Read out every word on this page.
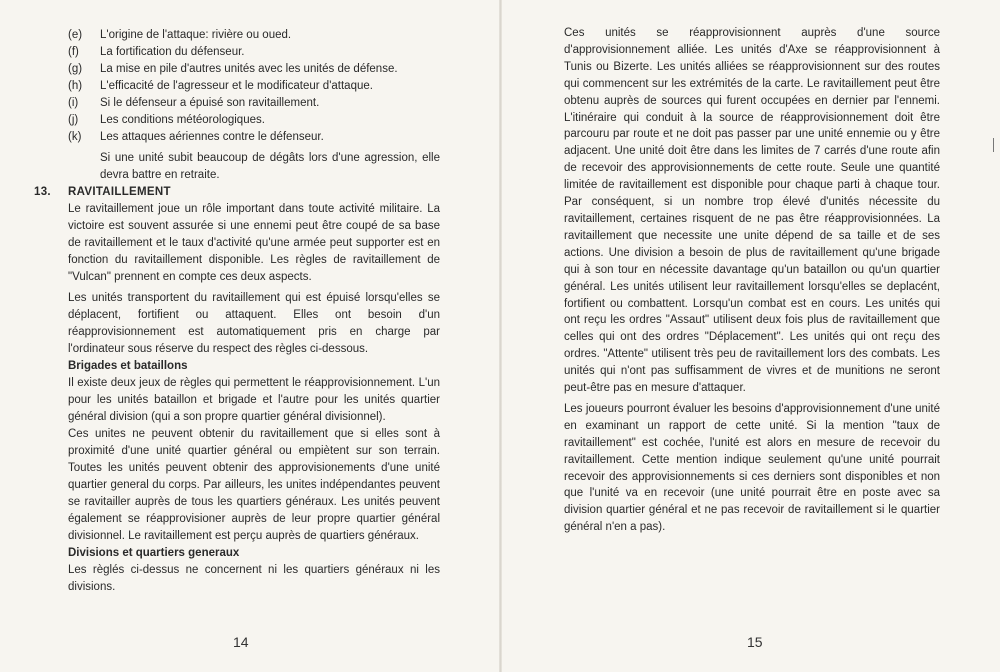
(e)	L'origine de l'attaque: rivière ou oued.
(f)	La fortification du défenseur.
(g)	La mise en pile d'autres unités avec les unités de défense.
(h)	L'efficacité de l'agresseur et le modificateur d'attaque.
(i)	Si le défenseur a épuisé son ravitaillement.
(j)	Les conditions météorologiques.
(k)	Les attaques aériennes contre le défenseur.

Si une unité subit beaucoup de dégâts lors d'une agression, elle devra battre en retraite.

13.	RAVITAILLEMENT

Le ravitaillement joue un rôle important dans toute activité militaire. La victoire est souvent assurée si une ennemi peut être coupé de sa base de ravitaillement et le taux d'activité qu'une armée peut supporter est en fonction du ravitaillement disponible. Les règles de ravitaillement de "Vulcan" prennent en compte ces deux aspects.

Les unités transportent du ravitaillement qui est épuisé lorsqu'elles se déplacent, fortifient ou attaquent. Elles ont besoin d'un réapprovisionnement est automatiquement pris en charge par l'ordinateur sous réserve du respect des règles ci-dessous.

Brigades et bataillons

Il existe deux jeux de règles qui permettent le réapprovisionnement. L'un pour les unités bataillon et brigade et l'autre pour les unités quartier général division (qui a son propre quartier général divisionnel).

Ces unites ne peuvent obtenir du ravitaillement que si elles sont à proximité d'une unité quartier général ou empiètent sur son terrain. Toutes les unités peuvent obtenir des approvisionements d'une unité quartier general du corps. Par ailleurs, les unites indépendantes peuvent se ravitailler auprès de tous les quartiers généraux. Les unités peuvent également se réapprovisioner auprès de leur propre quartier général divisionnel. Le ravitaillement est perçu auprès de quartiers généraux.

Divisions et quartiers generaux

Les règlés ci-dessus ne concernent ni les quartiers généraux ni les divisions.

14

Ces unités se réapprovisionnent auprès d'une source d'approvisionnement alliée. Les unités d'Axe se réapprovisionnent à Tunis ou Bizerte. Les unités alliées se réapprovisionnent sur des routes qui commencent sur les extrémités de la carte. Le ravitaillement peut être obtenu auprès de sources qui furent occupées en dernier par l'ennemi. L'itinéraire qui conduit à la source de réapprovisionnement doit être parcouru par route et ne doit pas passer par une unité ennemie ou y être adjacent. Une unité doit être dans les limites de 7 carrés d'une route afin de recevoir des approvisionnements de cette route. Seule une quantité limitée de ravitaillement est disponible pour chaque parti à chaque tour. Par conséquent, si un nombre trop élevé d'unités nécessite du ravitaillement, certaines risquent de ne pas être réapprovisionnées. La ravitaillement que necessite une unite dépend de sa taille et de ses actions. Une division a besoin de plus de ravitaillement qu'une brigade qui à son tour en nécessite davantage qu'un bataillon ou qu'un quartier général. Les unités utilisent leur ravitaillement lorsqu'elles se deplacént, fortifient ou combattent. Lorsqu'un combat est en cours. Les unités qui ont reçu les ordres "Assaut" utilisent deux fois plus de ravitaillement que celles qui ont des ordres "Déplacement". Les unités qui ont reçu des ordres. "Attente" utilisent très peu de ravitaillement lors des combats. Les unités qui n'ont pas suffisamment de vivres et de munitions ne seront peut-être pas en mesure d'attaquer.

Les joueurs pourront évaluer les besoins d'approvisionnement d'une unité en examinant un rapport de cette unité. Si la mention "taux de ravitaillement" est cochée, l'unité est alors en mesure de recevoir du ravitaillement. Cette mention indique seulement qu'une unité pourrait recevoir des approvisionnements si ces derniers sont disponibles et non que l'unité va en recevoir (une unité pourrait être en poste avec sa division quartier général et ne pas recevoir de ravitaillement si le quartier général n'en a pas).

15
